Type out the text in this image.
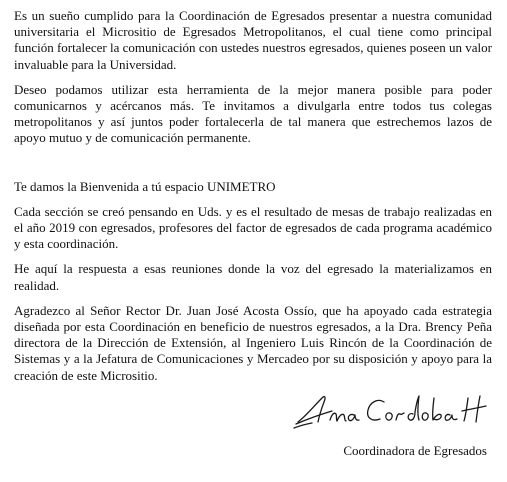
Es un sueño cumplido para la Coordinación de Egresados presentar a nuestra comunidad universitaria el Micrositio de Egresados Metropolitanos, el cual tiene como principal función fortalecer la comunicación con ustedes nuestros egresados, quienes poseen un valor invaluable para la Universidad.

Deseo podamos utilizar esta herramienta de la mejor manera posible para poder comunicarnos y acércanos más. Te invitamos a divulgarla entre todos tus colegas metropolitanos y así juntos poder fortalecerla de tal manera que estrechemos lazos de apoyo mutuo y de comunicación permanente.

Te damos la Bienvenida a tú espacio UNIMETRO

Cada sección se creó pensando en Uds. y es el resultado de mesas de trabajo realizadas en el año 2019 con egresados, profesores del factor de egresados de cada programa académico y esta coordinación.

He aquí la respuesta a esas reuniones donde la voz del egresado la materializamos en realidad.

Agradezco al Señor Rector Dr. Juan José Acosta Ossío, que ha apoyado cada estrategia diseñada por esta Coordinación en beneficio de nuestros egresados, a la Dra. Brency Peña directora de la Dirección de Extensión, al Ingeniero Luis Rincón de la Coordinación de Sistemas y a la Jefatura de Comunicaciones y Mercadeo por su disposición y apoyo para la creación de este Micrositio.

Coordinadora de Egresados
